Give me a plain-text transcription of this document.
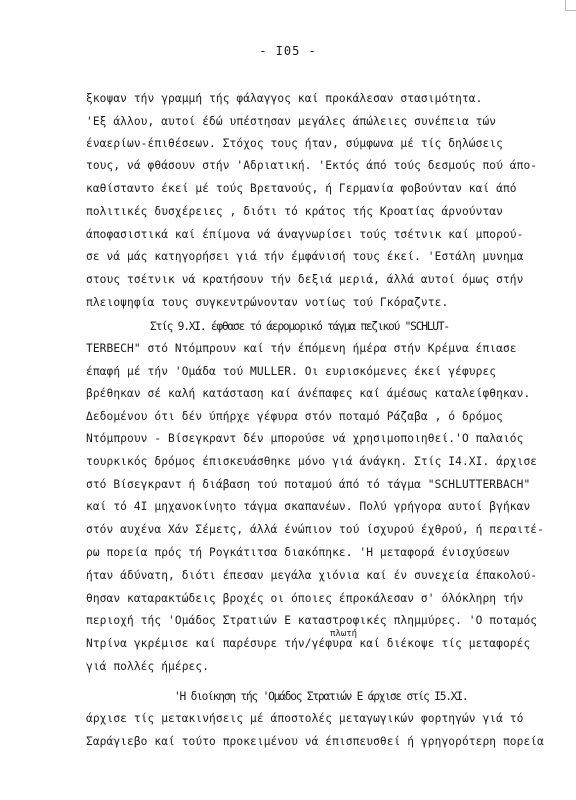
- I05 -
ξκοψαν τήν γραμμή τής φάλαγγος καί προκάλεσαν στασιμότητα.
'Εξ άλλου, αυτοί έδώ υπέστησαν μεγάλες άπώλειες συνέπεια τών
έναερίων-έπιθέσεων. Στόχος τους ήταν, σύμφωνα μέ τίς δηλώσεις
τους, νά φθάσουν στήν 'Αδριατική. 'Εκτός άπό τούς δεσμούς πού άπο-
καθίσταντο έκεί μέ τούς Βρετανούς, ή Γερμανία φοβούνταν καί άπό
πολιτικές δυσχέρειες , διότι τό κράτος τής Κροατίας άρνούνταν
άποφασιστικά καί έπίμονα νά άναγνωρίσει τούς τσέτνικ καί μπορού-
σε νά μάς κατηγορήσει γιά τήν έμφάνισή τους έκεί. 'Εστάλη μυνημα
στους τσέτνικ νά κρατήσουν τήν δεξιά μεριά, άλλά αυτοί όμως στήν
πλειοψηφία τους συγκεντρώνονταν νοτίως τού Γκόραζντε.
Στίς 9.XI. έφθασε τό άερομορικό τάγμα πεζικού "SCHLUT-
TERBECH" στό Ντόμπρουν καί τήν έπόμενη ήμέρα στήν Κρέμνα έπιασε
έπαφή μέ τήν 'Ομάδα τού MULLER. Οι ευρισκόμενες έκεί γέφυρες
βρέθηκαν σέ καλή κατάσταση καί άνέπαφες καί άμέσως καταλείφθηκαν.
Δεδομένου ότι δέν ύπήρχε γέφυρα στόν ποταμό Ράζαβα , ό δρόμος
Ντόμπρουν - Βίσεγκραντ δέν μπορούσε νά χρησιμοποιηθεί.'Ο παλαιός
τουρκικός δρόμος έπισκευάσθηκε μόνο γιά άνάγκη. Στίς I4.XI. άρχισε
στό Βίσεγκραντ ή διάβαση τού ποταμού άπό τό τάγμα "SCHLUTTERBACH"
καί τό 4I μηχανοκίνητο τάγμα σκαπανέων. Πολύ γρήγορα αυτοί βγήκαν
στόν αυχένα Χάν Σέμετς, άλλά ένώπιον τού ίσχυρού έχθρού, ή περαιτέ-
ρω πορεία πρός τή Ρογκάτιτσα διακόπηκε. 'Η μεταφορά ένισχύσεων
ήταν άδύνατη, διότι έπεσαν μεγάλα χιόνια καί έν συνεχεία έπακολού-
θησαν καταρακτώδεις βροχές οι όποιες έπροκάλεσαν σ' όλόκληρη τήν
περιοχή τής 'Ομάδος Στρατιών Ε καταστροφικές πλημμύρες. 'Ο ποταμός
πλωτή
Ντρίνα γκρέμισε καί παρέσυρε τήν/γέφυρα καί διέκοψε τίς μεταφορές
γιά πολλές ήμέρες.
'Η διοίκηση τής 'Ομάδος Στρατιών Ε άρχισε στίς I5.XI.
άρχισε τίς μετακινήσεις μέ άποστολές μεταγωγικών φορτηγών γιά τό
Σαράγιεβο καί τούτο προκειμένου νά έπισπευσθεί ή γρηγορότερη πορεία
